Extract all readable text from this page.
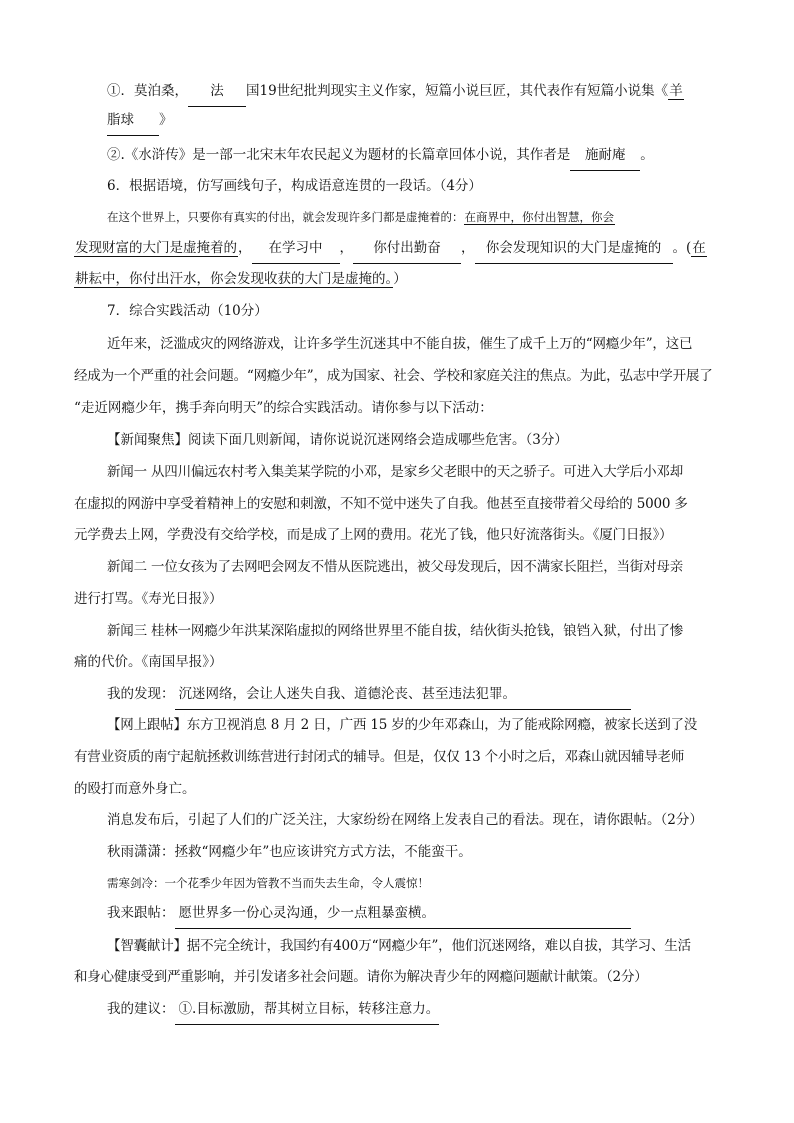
①．莫泊桑， 法 国19世纪批判现实主义作家，短篇小说巨匠，其代表作有短篇小说集《羊
脂球 》
②.《水浒传》是一部一北宋末年农民起义为题材的长篇章回体小说，其作者是 施耐庵 。
6．根据语境，仿写画线句子，构成语意连贯的一段话。（4分）
在这个世界上，只要你有真实的付出，就会发现许多门都是虚掩着的：在商界中，你付出智慧，你会
发现财富的大门是虚掩着的， 在学习中 ， 你付出勤奋 ， 你会发现知识的大门是虚掩的 。(在
耕耘中，你付出汗水，你会发现收获的大门是虚掩的。）
7．综合实践活动（10分）
近年来，泛滥成灾的网络游戏，让许多学生沉迷其中不能自拔，催生了成千上万的“网瘾少年”，这已
经成为一个严重的社会问题。“网瘾少年”，成为国家、社会、学校和家庭关注的焦点。为此，弘志中学开展了
“走近网瘾少年，携手奔向明天”的综合实践活动。请你参与以下活动：
【新闻聚焦】阅读下面几则新闻，请你说说沉迷网络会造成哪些危害。（3分）
新闻一 从四川偏远农村考入集美某学院的小邓，是家乡父老眼中的天之骄子。可进入大学后小邓却
在虚拟的网游中享受着精神上的安慰和刺激，不知不觉中迷失了自我。他甚至直接带着父母给的 5000 多
元学费去上网，学费没有交给学校，而是成了上网的费用。花光了钱，他只好流落街头。《厦门日报》）
新闻二 一位女孩为了去网吧会网友不惜从医院逃出，被父母发现后，因不满家长阻拦，当街对母亲
进行打骂。《寿光日报》）
新闻三 桂林一网瘾少年洪某深陷虚拟的网络世界里不能自拔，结伙街头抢钱，锒铛入狱，付出了惨
痛的代价。《南国早报》）
我的发现： 沉迷网络，会让人迷失自我、道德沦丧、甚至违法犯罪。
【网上跟帖】东方卫视消息 8 月 2 日，广西 15 岁的少年邓森山，为了能戒除网瘾，被家长送到了没
有营业资质的南宁起航拯救训练营进行封闭式的辅导。但是，仅仅 13 个小时之后，邓森山就因辅导老师
的殴打而意外身亡。
消息发布后，引起了人们的广泛关注，大家纷纷在网络上发表自己的看法。现在，请你跟帖。（2分）
秋雨潇潇：拯救“网瘾少年”也应该讲究方式方法，不能蛮干。
需寒剑冷：一个花季少年因为管教不当而失去生命，令人震惊！
我来跟帖： 愿世界多一份心灵沟通，少一点粗暴蛮横。
【智囊献计】据不完全统计，我国约有400万“网瘾少年”，他们沉迷网络，难以自拔，其学习、生活
和身心健康受到严重影响，并引发诸多社会问题。请你为解决青少年的网瘾问题献计献策。（2分）
我的建议： ①.目标激励，帮其树立目标，转移注意力。
